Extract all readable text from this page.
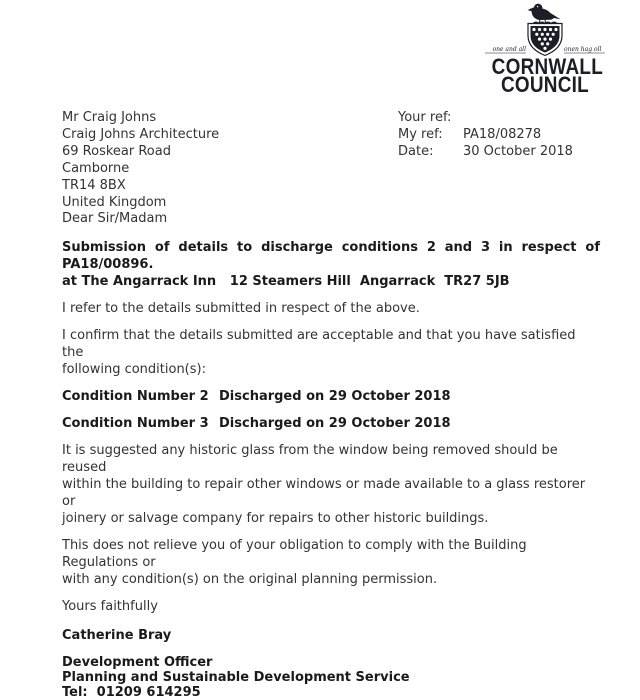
one and all	onen hag oll
CORNWALL
COUNCIL
Mr Craig Johns
Craig Johns Architecture
69 Roskear Road
Camborne
TR14 8BX
United Kingdom
Your ref:
My ref:	PA18/08278
Date:	30 October 2018
Dear Sir/Madam
Submission of details to discharge conditions 2 and 3 in respect of
PA18/00896.
at The Angarrack Inn   12 Steamers Hill  Angarrack  TR27 5JB
I refer to the details submitted in respect of the above.
I confirm that the details submitted are acceptable and that you have satisfied the
following condition(s):
Condition Number 2 Discharged on 29 October 2018
Condition Number 3 Discharged on 29 October 2018
It is suggested any historic glass from the window being removed should be reused
within the building to repair other windows or made available to a glass restorer or
joinery or salvage company for repairs to other historic buildings.
This does not relieve you of your obligation to comply with the Building Regulations or
with any condition(s) on the original planning permission.
Yours faithfully
Catherine Bray
Development Officer
Planning and Sustainable Development Service
Tel:  01209 614295
